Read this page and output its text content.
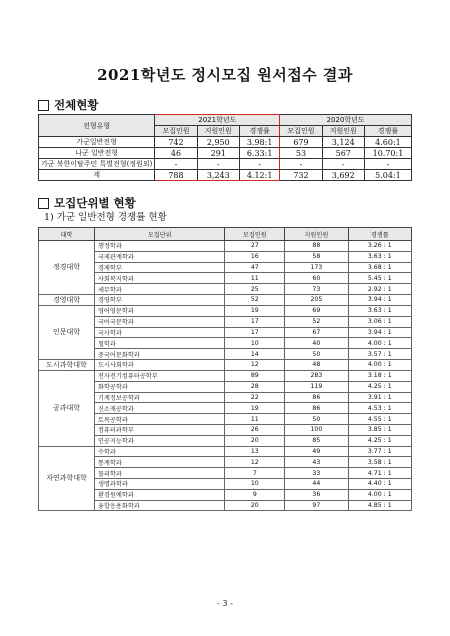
2021학년도 정시모집 원서접수 결과
전체현황
전형유형	2021학년도			2020학년도		
	모집인원	지원인원	경쟁률	모집인원	지원인원	경쟁률
가군일반전형	742	2,950	3.98:1	679	3,124	4.60:1
나군 일반전형	46	291	6.33:1	53	567	10.70:1
가군 북한이탈주민 특별전형(정원외)	-	-	-	-	-	-
계	788	3,243	4.12:1	732	3,692	5.04:1
모집단위별 현황
1) 가군 일반전형 경쟁률 현황
대학	모집단위	모집인원	지원인원	경쟁률
정경대학	행정학과	27	88	3.26 : 1
	국제관계학과	16	58	3.63 : 1
	경제학부	47	173	3.68 : 1
	사회복지학과	11	60	5.45 : 1
	세무학과	25	73	2.92 : 1
경영대학	경영학부	52	205	3.94 : 1
인문대학	영어영문학과	19	69	3.63 : 1
	국어국문학과	17	52	3.06 : 1
	국사학과	17	67	3.94 : 1
	철학과	10	40	4.00 : 1
	중국어문화학과	14	50	3.57 : 1
도시과학대학	도시사회학과	12	48	4.00 : 1
공과대학	전자전기컴퓨터공학부	89	283	3.18 : 1
	화학공학과	28	119	4.25 : 1
	기계정보공학과	22	86	3.91 : 1
	신소재공학과	19	86	4.53 : 1
	토목공학과	11	50	4.55 : 1
	컴퓨터과학부	26	100	3.85 : 1
	인공지능학과	20	85	4.25 : 1
자연과학대학	수학과	13	49	3.77 : 1
	통계학과	12	43	3.58 : 1
	물리학과	7	33	4.71 : 1
	생명과학과	10	44	4.40 : 1
	환경원예학과	9	36	4.00 : 1
	융합응용화학과	20	97	4.85 : 1
- 3 -
